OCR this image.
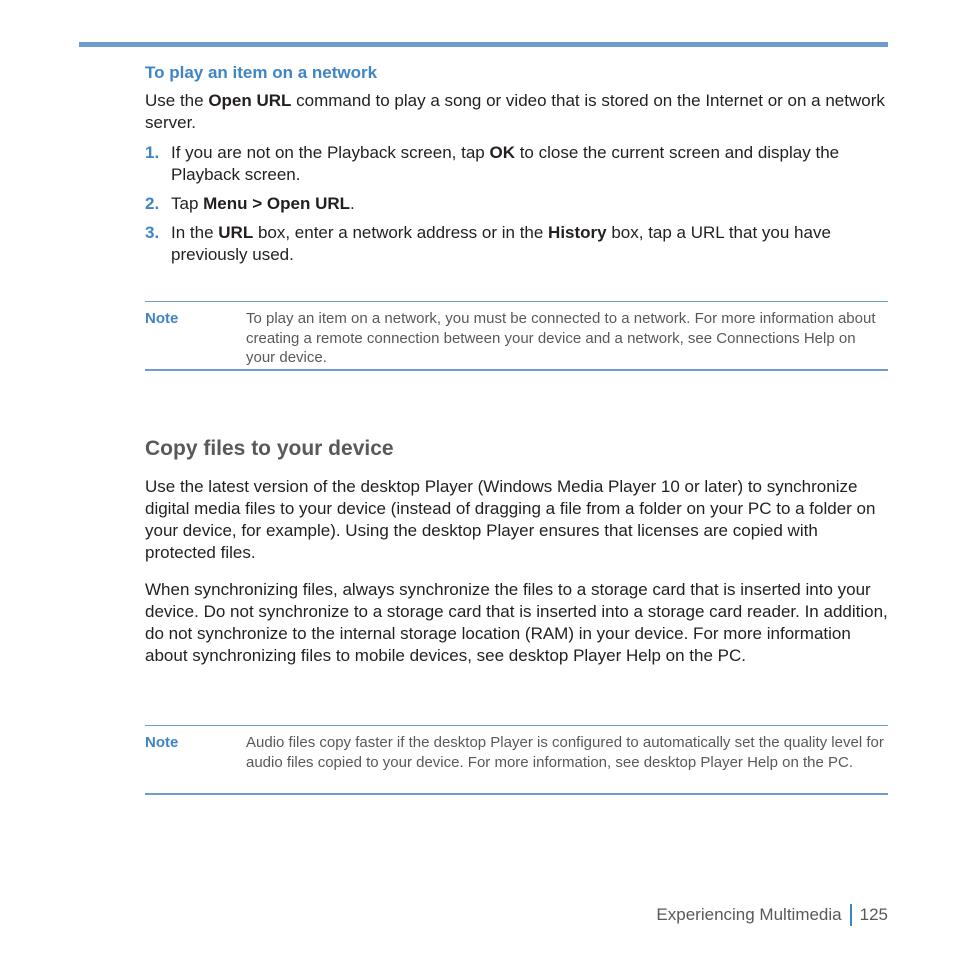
To play an item on a network

Use the Open URL command to play a song or video that is stored on the Internet or on a network server.

1. If you are not on the Playback screen, tap OK to close the current screen and display the Playback screen.
2. Tap Menu > Open URL.
3. In the URL box, enter a network address or in the History box, tap a URL that you have previously used.
Note	To play an item on a network, you must be connected to a network. For more information about creating a remote connection between your device and a network, see Connections Help on your device.
Copy files to your device

Use the latest version of the desktop Player (Windows Media Player 10 or later) to synchronize digital media files to your device (instead of dragging a file from a folder on your PC to a folder on your device, for example). Using the desktop Player ensures that licenses are copied with protected files.

When synchronizing files, always synchronize the files to a storage card that is inserted into your device. Do not synchronize to a storage card that is inserted into a storage card reader. In addition, do not synchronize to the internal storage location (RAM) in your device. For more information about synchronizing files to mobile devices, see desktop Player Help on the PC.

Note	Audio files copy faster if the desktop Player is configured to automatically set the quality level for audio files copied to your device. For more information, see desktop Player Help on the PC.
Experiencing Multimedia 125
